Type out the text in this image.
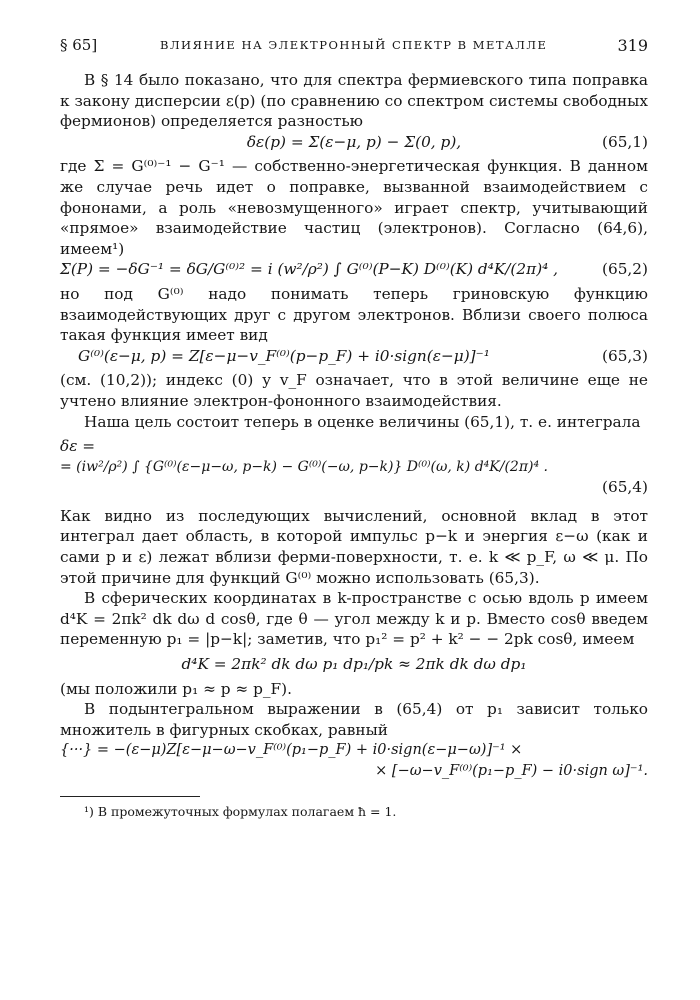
§ 65]	ВЛИЯНИЕ НА ЭЛЕКТРОННЫЙ СПЕКТР В МЕТАЛЛЕ	319

В § 14 было показано, что для спектра фермиевского типа поправка к закону дисперсии ε(p) (по сравнению со спектром системы свободных фермионов) определяется разностью

δε(p) = Σ(ε−μ, p) − Σ(0, p),	(65,1)

где Σ = G⁽⁰⁾⁻¹ − G⁻¹ — собственно-энергетическая функция. В данном же случае речь идет о поправке, вызванной взаимодействием с фононами, а роль «невозмущенного» играет спектр, учитывающий «прямое» взаимодействие частиц (электронов). Согласно (64,6), имеем¹)

Σ(P) = −δG⁻¹ = δG/G⁽⁰⁾² = i (w²/ρ²) ∫ G⁽⁰⁾(P−K) D⁽⁰⁾(K) d⁴K/(2π)⁴ ,	(65,2)

но под G⁽⁰⁾ надо понимать теперь гриновскую функцию взаимодействующих друг с другом электронов. Вблизи своего полюса такая функция имеет вид

G⁽⁰⁾(ε−μ, p) = Z[ε−μ−v_F⁽⁰⁾(p−p_F) + i0·sign(ε−μ)]⁻¹	(65,3)

(см. (10,2)); индекс (0) у v_F означает, что в этой величине еще не учтено влияние электрон-фононного взаимодействия.

Наша цель состоит теперь в оценке величины (65,1), т. е. интеграла

δε =
= (iw²/ρ²) ∫ {G⁽⁰⁾(ε−μ−ω, p−k) − G⁽⁰⁾(−ω, p−k)} D⁽⁰⁾(ω, k) d⁴K/(2π)⁴ .
(65,4)

Как видно из последующих вычислений, основной вклад в этот интеграл дает область, в которой импульс p−k и энергия ε−ω (как и сами p и ε) лежат вблизи ферми-поверхности, т. е. k ≪ p_F, ω ≪ μ. По этой причине для функций G⁽⁰⁾ можно использовать (65,3).

В сферических координатах в k-пространстве с осью вдоль p имеем d⁴K = 2πk² dk dω d cosθ, где θ — угол между k и p. Вместо cosθ введем переменную p₁ = |p−k|; заметив, что p₁² = p² + k² − − 2pk cosθ, имеем

d⁴K = 2πk² dk dω p₁ dp₁/pk ≈ 2πk dk dω dp₁

(мы положили p₁ ≈ p ≈ p_F).

В подынтегральном выражении в (65,4) от p₁ зависит только множитель в фигурных скобках, равный

{···} = −(ε−μ)Z[ε−μ−ω−v_F⁽⁰⁾(p₁−p_F) + i0·sign(ε−μ−ω)]⁻¹ ×
× [−ω−v_F⁽⁰⁾(p₁−p_F) − i0·sign ω]⁻¹.
¹) В промежуточных формулах полагаем ħ = 1.
